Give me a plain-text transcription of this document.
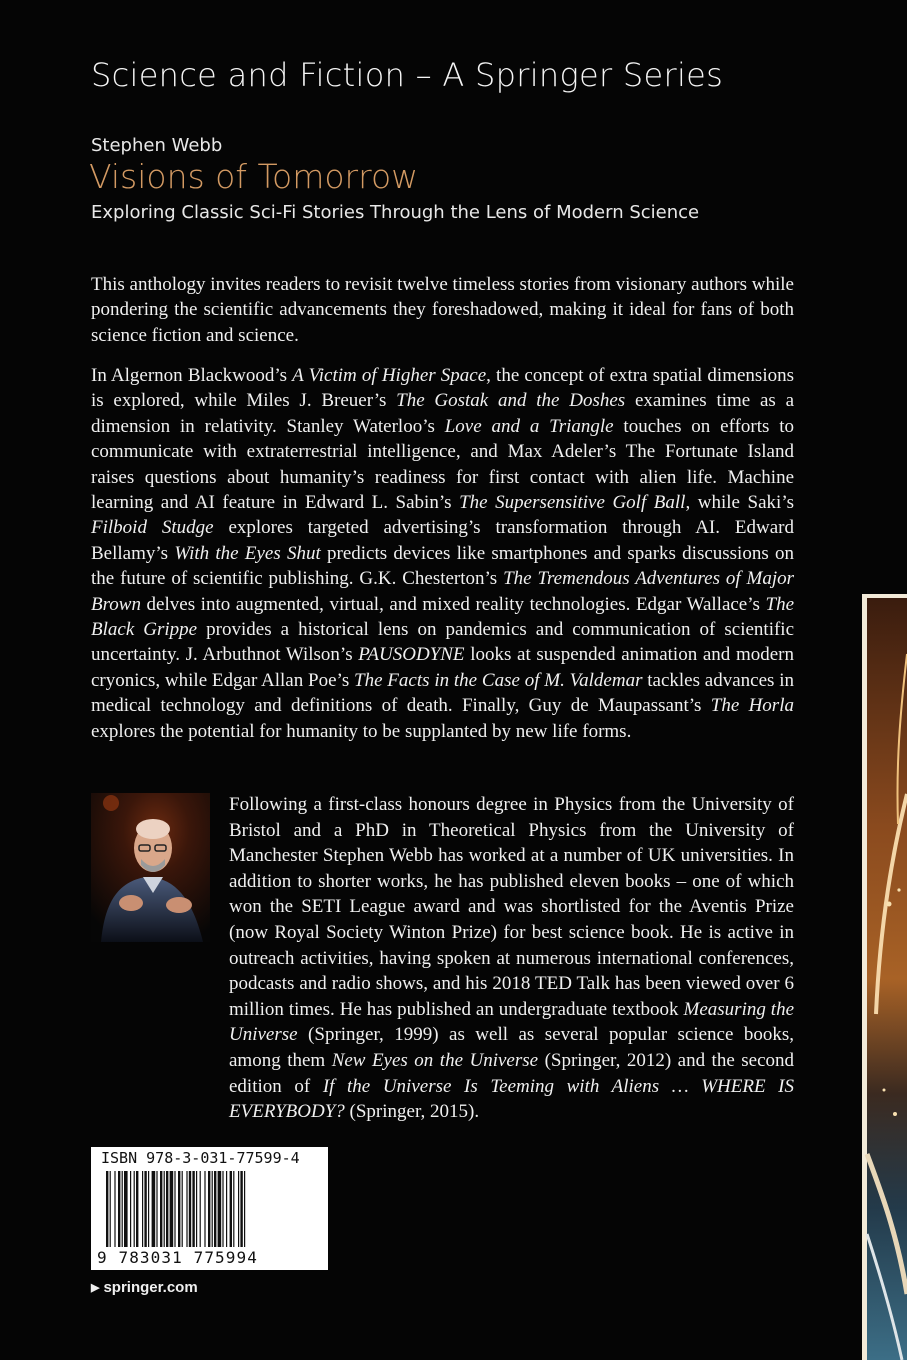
Science and Fiction – A Springer Series
Stephen Webb
Visions of Tomorrow
Exploring Classic Sci-Fi Stories Through the Lens of Modern Science

This anthology invites readers to revisit twelve timeless stories from visionary authors while pondering the scientific advancements they foreshadowed, making it ideal for fans of both science fiction and science.

In Algernon Blackwood’s A Victim of Higher Space, the concept of extra spatial dimensions is explored, while Miles J. Breuer’s The Gostak and the Doshes examines time as a dimension in relativity. Stanley Waterloo’s Love and a Triangle touches on efforts to communicate with extraterrestrial intelligence, and Max Adeler’s The Fortunate Island raises questions about humanity’s readiness for first contact with alien life. Machine learning and AI feature in Edward L. Sabin’s The Supersensitive Golf Ball, while Saki’s Filboid Studge explores targeted advertising’s transformation through AI. Edward Bellamy’s With the Eyes Shut predicts devices like smartphones and sparks discussions on the future of scientific publishing. G.K. Chesterton’s The Tremendous Adventures of Major Brown delves into augmented, virtual, and mixed reality technologies. Edgar Wallace’s The Black Grippe provides a historical lens on pandemics and communication of scientific uncertainty. J. Arbuthnot Wilson’s PAUSODYNE looks at suspended animation and modern cryonics, while Edgar Allan Poe’s The Facts in the Case of M. Valdemar tackles advances in medical technology and definitions of death. Finally, Guy de Maupassant’s The Horla explores the potential for humanity to be supplanted by new life forms.

Following a first-class honours degree in Physics from the University of Bristol and a PhD in Theoretical Physics from the University of Manchester Stephen Webb has worked at a number of UK universities. In addition to shorter works, he has published eleven books – one of which won the SETI League award and was shortlisted for the Aventis Prize (now Royal Society Winton Prize) for best science book. He is active in outreach activities, having spoken at numerous international conferences, podcasts and radio shows, and his 2018 TED Talk has been viewed over 6 million times. He has published an undergraduate textbook Measuring the Universe (Springer, 1999) as well as several popular science books, among them New Eyes on the Universe (Springer, 2012) and the second edition of If the Universe Is Teeming with Aliens … WHERE IS EVERYBODY? (Springer, 2015).

ISBN 978-3-031-77599-4
9 783031 775994
▶ springer.com
